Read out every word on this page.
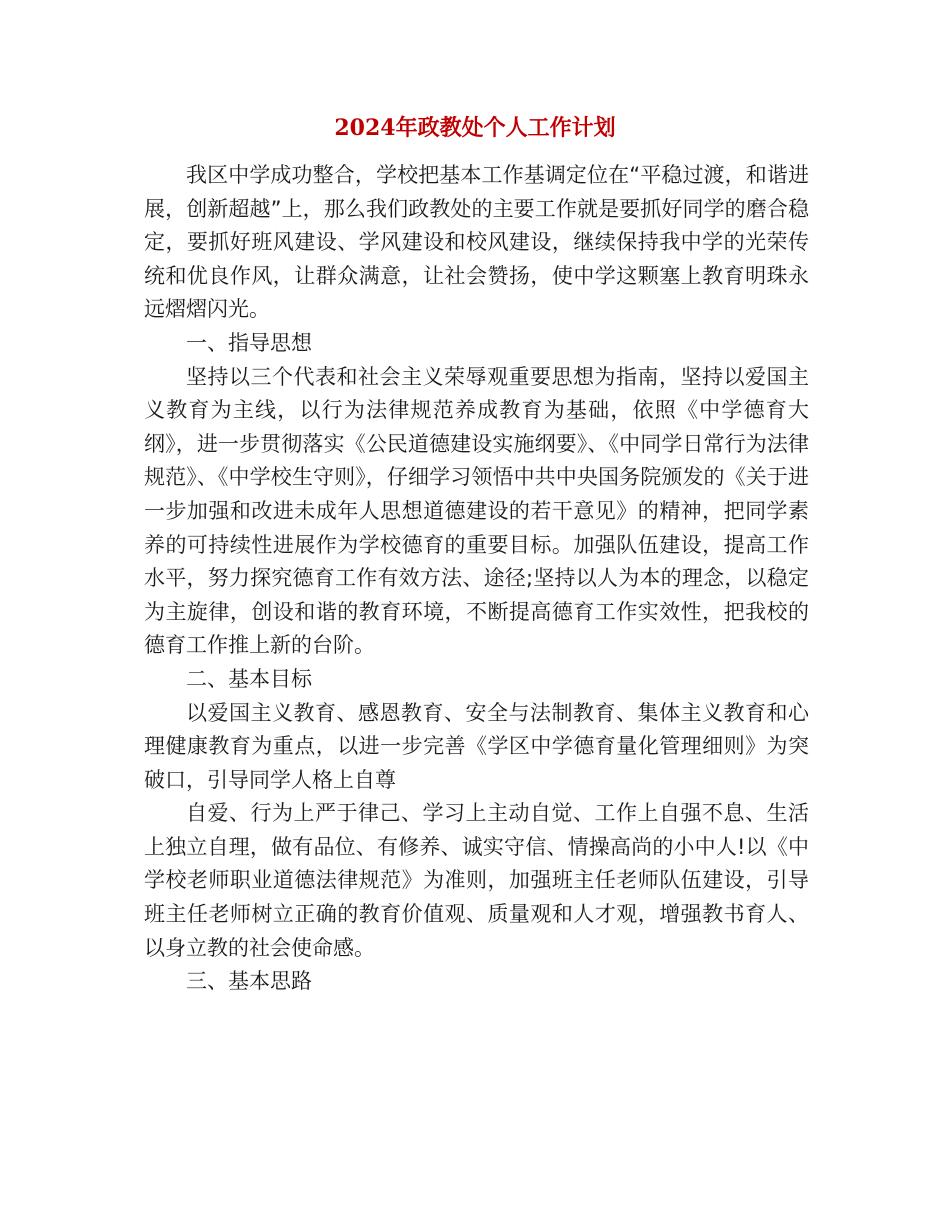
2024年政教处个人工作计划

我区中学成功整合，学校把基本工作基调定位在“平稳过渡，和谐进展，创新超越”上，那么我们政教处的主要工作就是要抓好同学的磨合稳定，要抓好班风建设、学风建设和校风建设，继续保持我中学的光荣传统和优良作风，让群众满意，让社会赞扬，使中学这颗塞上教育明珠永远熠熠闪光。

一、指导思想

坚持以三个代表和社会主义荣辱观重要思想为指南，坚持以爱国主义教育为主线，以行为法律规范养成教育为基础，依照《中学德育大纲》，进一步贯彻落实《公民道德建设实施纲要》、《中同学日常行为法律规范》、《中学校生守则》，仔细学习领悟中共中央国务院颁发的《关于进一步加强和改进未成年人思想道德建设的若干意见》的精神，把同学素养的可持续性进展作为学校德育的重要目标。加强队伍建设，提高工作水平，努力探究德育工作有效方法、途径;坚持以人为本的理念，以稳定为主旋律，创设和谐的教育环境，不断提高德育工作实效性，把我校的德育工作推上新的台阶。

二、基本目标

以爱国主义教育、感恩教育、安全与法制教育、集体主义教育和心理健康教育为重点，以进一步完善《学区中学德育量化管理细则》为突破口，引导同学人格上自尊

自爱、行为上严于律己、学习上主动自觉、工作上自强不息、生活上独立自理，做有品位、有修养、诚实守信、情操高尚的小中人!以《中学校老师职业道德法律规范》为准则，加强班主任老师队伍建设，引导班主任老师树立正确的教育价值观、质量观和人才观，增强教书育人、以身立教的社会使命感。

三、基本思路
